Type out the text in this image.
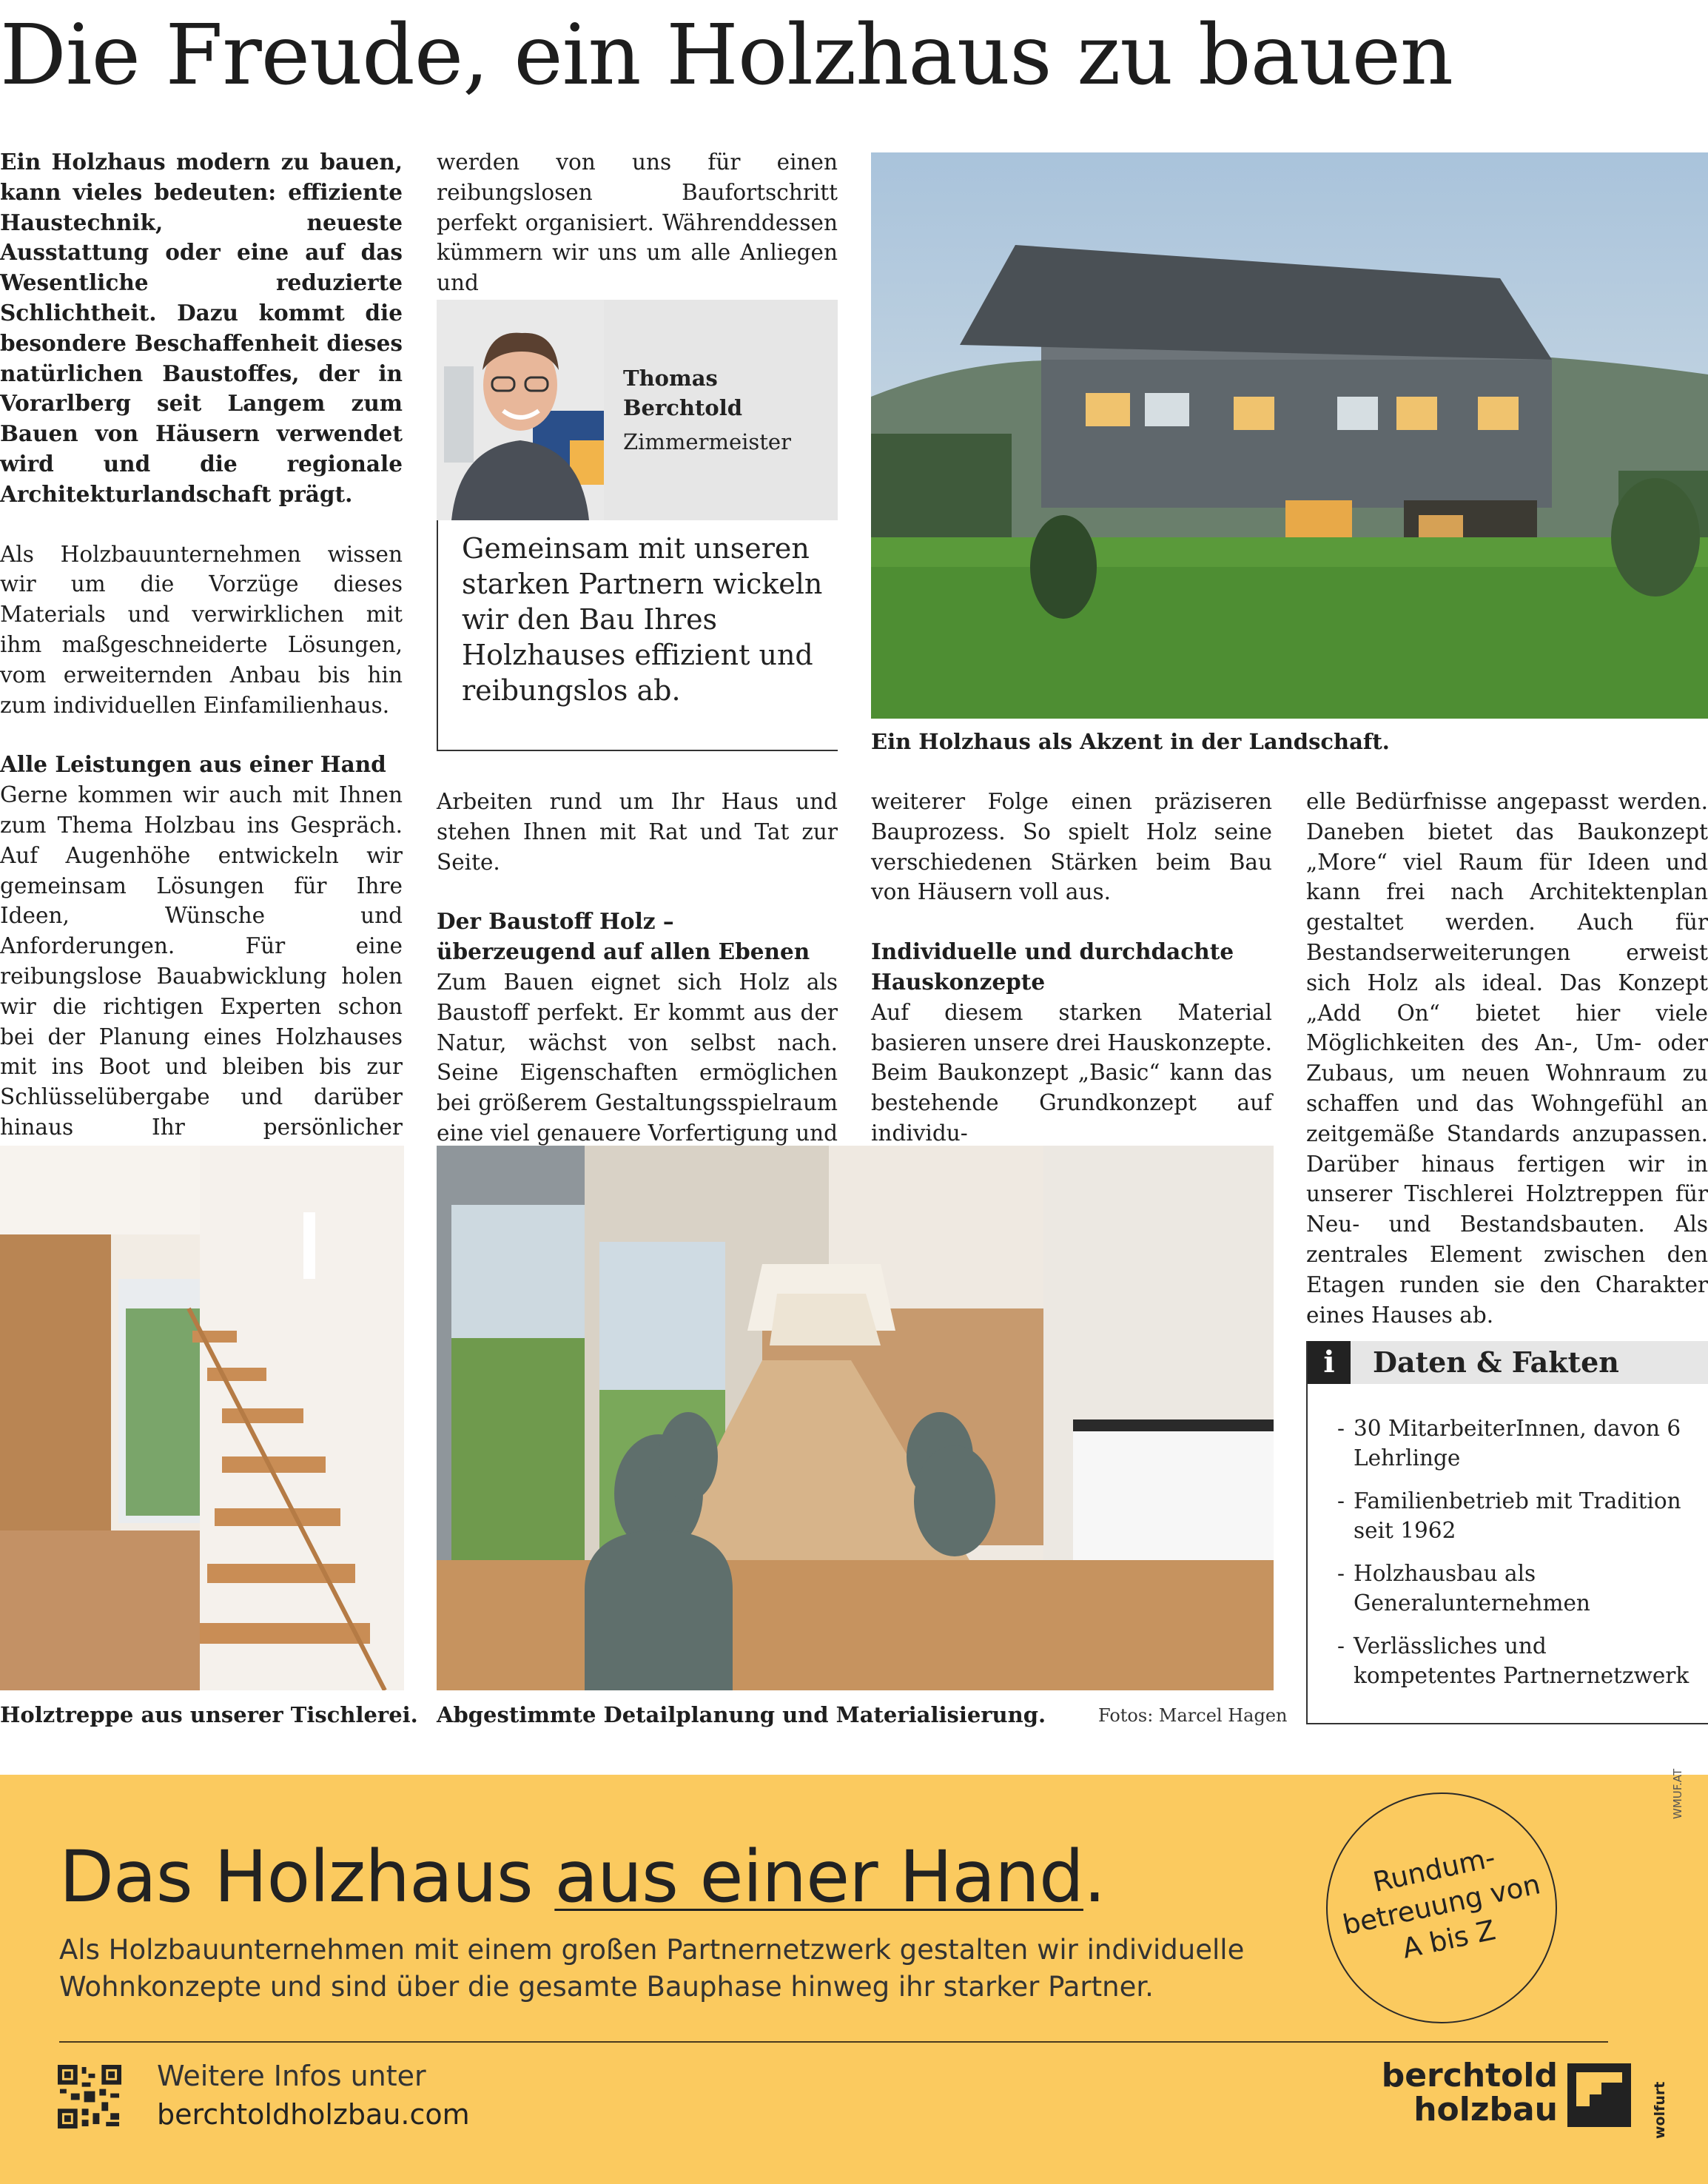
Die Freude, ein Holzhaus zu bauen

Ein Holzhaus modern zu bauen, kann vieles bedeuten: effiziente Haustechnik, neueste Ausstattung oder eine auf das Wesentliche reduzierte Schlichtheit. Dazu kommt die besondere Beschaffenheit dieses natürlichen Baustoffes, der in Vorarlberg seit Langem zum Bauen von Häusern verwendet wird und die regionale Architekturlandschaft prägt.

Als Holzbauunternehmen wissen wir um die Vorzüge dieses Materials und verwirklichen mit ihm maßgeschneiderte Lösungen, vom erweiternden Anbau bis hin zum individuellen Einfamilienhaus.

Alle Leistungen aus einer Hand

Gerne kommen wir auch mit Ihnen zum Thema Holzbau ins Gespräch. Auf Augenhöhe entwickeln wir gemeinsam Lösungen für Ihre Ideen, Wünsche und Anforderungen. Für eine reibungslose Bauabwicklung holen wir die richtigen Experten schon bei der Planung eines Holzhauses mit ins Boot und bleiben bis zur Schlüsselübergabe und darüber hinaus Ihr persönlicher

werden von uns für einen reibungslosen Baufortschritt perfekt organisiert. Währenddessen kümmern wir uns um alle Anliegen und

Thomas Berchtold
Zimmermeister
Gemeinsam mit unseren starken Partnern wickeln wir den Bau Ihres Holzhauses effizient und reibungslos ab.
Ein Holzhaus als Akzent in der Landschaft.

Arbeiten rund um Ihr Haus und stehen Ihnen mit Rat und Tat zur Seite.

Der Baustoff Holz – überzeugend auf allen Ebenen

Zum Bauen eignet sich Holz als Baustoff perfekt. Er kommt aus der Natur, wächst von selbst nach. Seine Eigenschaften ermöglichen bei größerem Gestaltungsspielraum eine viel genauere Vorfertigung und

weiterer Folge einen präziseren Bauprozess. So spielt Holz seine verschiedenen Stärken beim Bau von Häusern voll aus.

Individuelle und durchdachte Hauskonzepte

Auf diesem starken Material basieren unsere drei Hauskonzepte. Beim Baukonzept „Basic“ kann das bestehende Grundkonzept auf individu-

elle Bedürfnisse angepasst werden. Daneben bietet das Baukonzept „More“ viel Raum für Ideen und kann frei nach Architektenplan gestaltet werden. Auch für Bestandserweiterungen erweist sich Holz als ideal. Das Konzept „Add On“ bietet hier viele Möglichkeiten des An-, Um- oder Zubaus, um neuen Wohnraum zu schaffen und das Wohngefühl an zeitgemäße Standards anzupassen. Darüber hinaus fertigen wir in unserer Tischlerei Holztreppen für Neu- und Bestandsbauten. Als zentrales Element zwischen den Etagen runden sie den Charakter eines Hauses ab.

Holztreppe aus unserer Tischlerei. Abgestimmte Detailplanung und Materialisierung.	Fotos: Marcel Hagen
i	Daten & Fakten
- 30 MitarbeiterInnen, davon 6 Lehrlinge
- Familienbetrieb mit Tradition seit 1962
- Holzhausbau als Generalunternehmen
- Verlässliches und kompetentes Partnernetzwerk
Das Holzhaus aus einer Hand.
Als Holzbauunternehmen mit einem großen Partnernetzwerk gestalten wir individuelle Wohnkonzepte und sind über die gesamte Bauphase hinweg ihr starker Partner.
Rundum-betreuung von A bis Z
WMUF.AT
Weitere Infos unter
berchtoldholzbau.com
berchtold
holzbau	wolfurt
